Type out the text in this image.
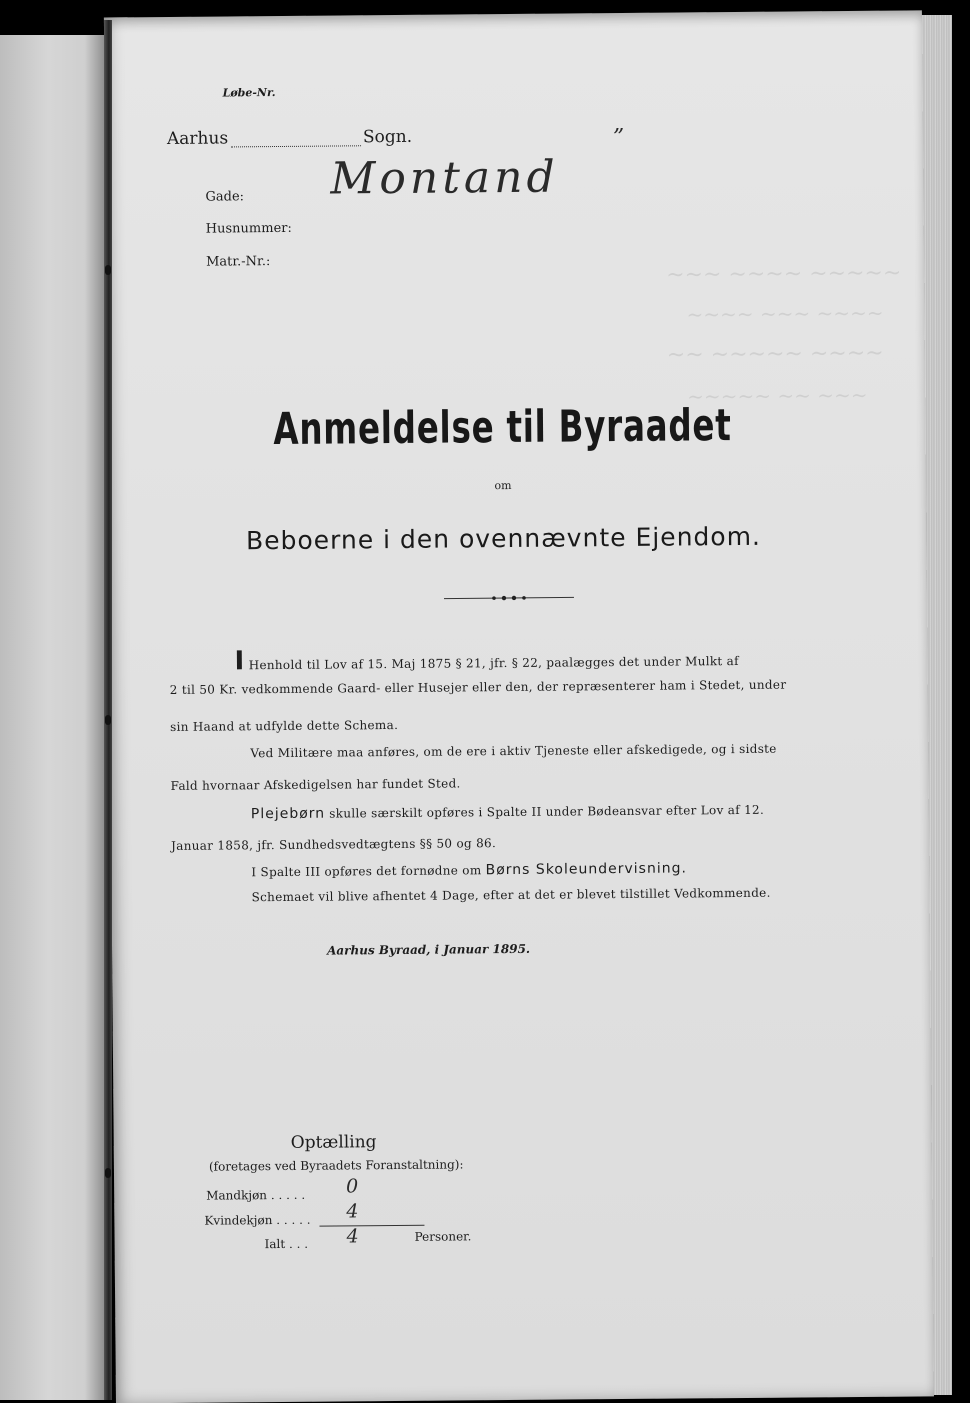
~~~ ~~~~ ~~~~~
~~~~ ~~~ ~~~~
~~ ~~~~~ ~~~~
~~~~~ ~~ ~~~
Løbe-Nr.
Aarhus	Sogn.
Gade:
Husnummer:
Matr.-Nr.:
Montand
”
Anmeldelse til Byraadet
om
Beboerne i den ovennævnte Ejendom.
I Henhold til Lov af 15. Maj 1875 § 21, jfr. § 22, paalægges det under Mulkt af
2 til 50 Kr. vedkommende Gaard- eller Husejer eller den, der repræsenterer ham i Stedet, under
sin Haand at udfylde dette Schema.
Ved Militære maa anføres, om de ere i aktiv Tjeneste eller afskedigede, og i sidste
Fald hvornaar Afskedigelsen har fundet Sted.
Plejebørn skulle særskilt opføres i Spalte II under Bødeansvar efter Lov af 12.
Januar 1858, jfr. Sundhedsvedtægtens §§ 50 og 86.
I Spalte III opføres det fornødne om Børns Skoleundervisning.
Schemaet vil blive afhentet 4 Dage, efter at det er blevet tilstillet Vedkommende.
Aarhus Byraad, i Januar 1895.
Optælling
(foretages ved Byraadets Foranstaltning):
Mandkjøn . . . . .
Kvindekjøn . . . . .
Ialt . . .
Personer.
0
4
4
